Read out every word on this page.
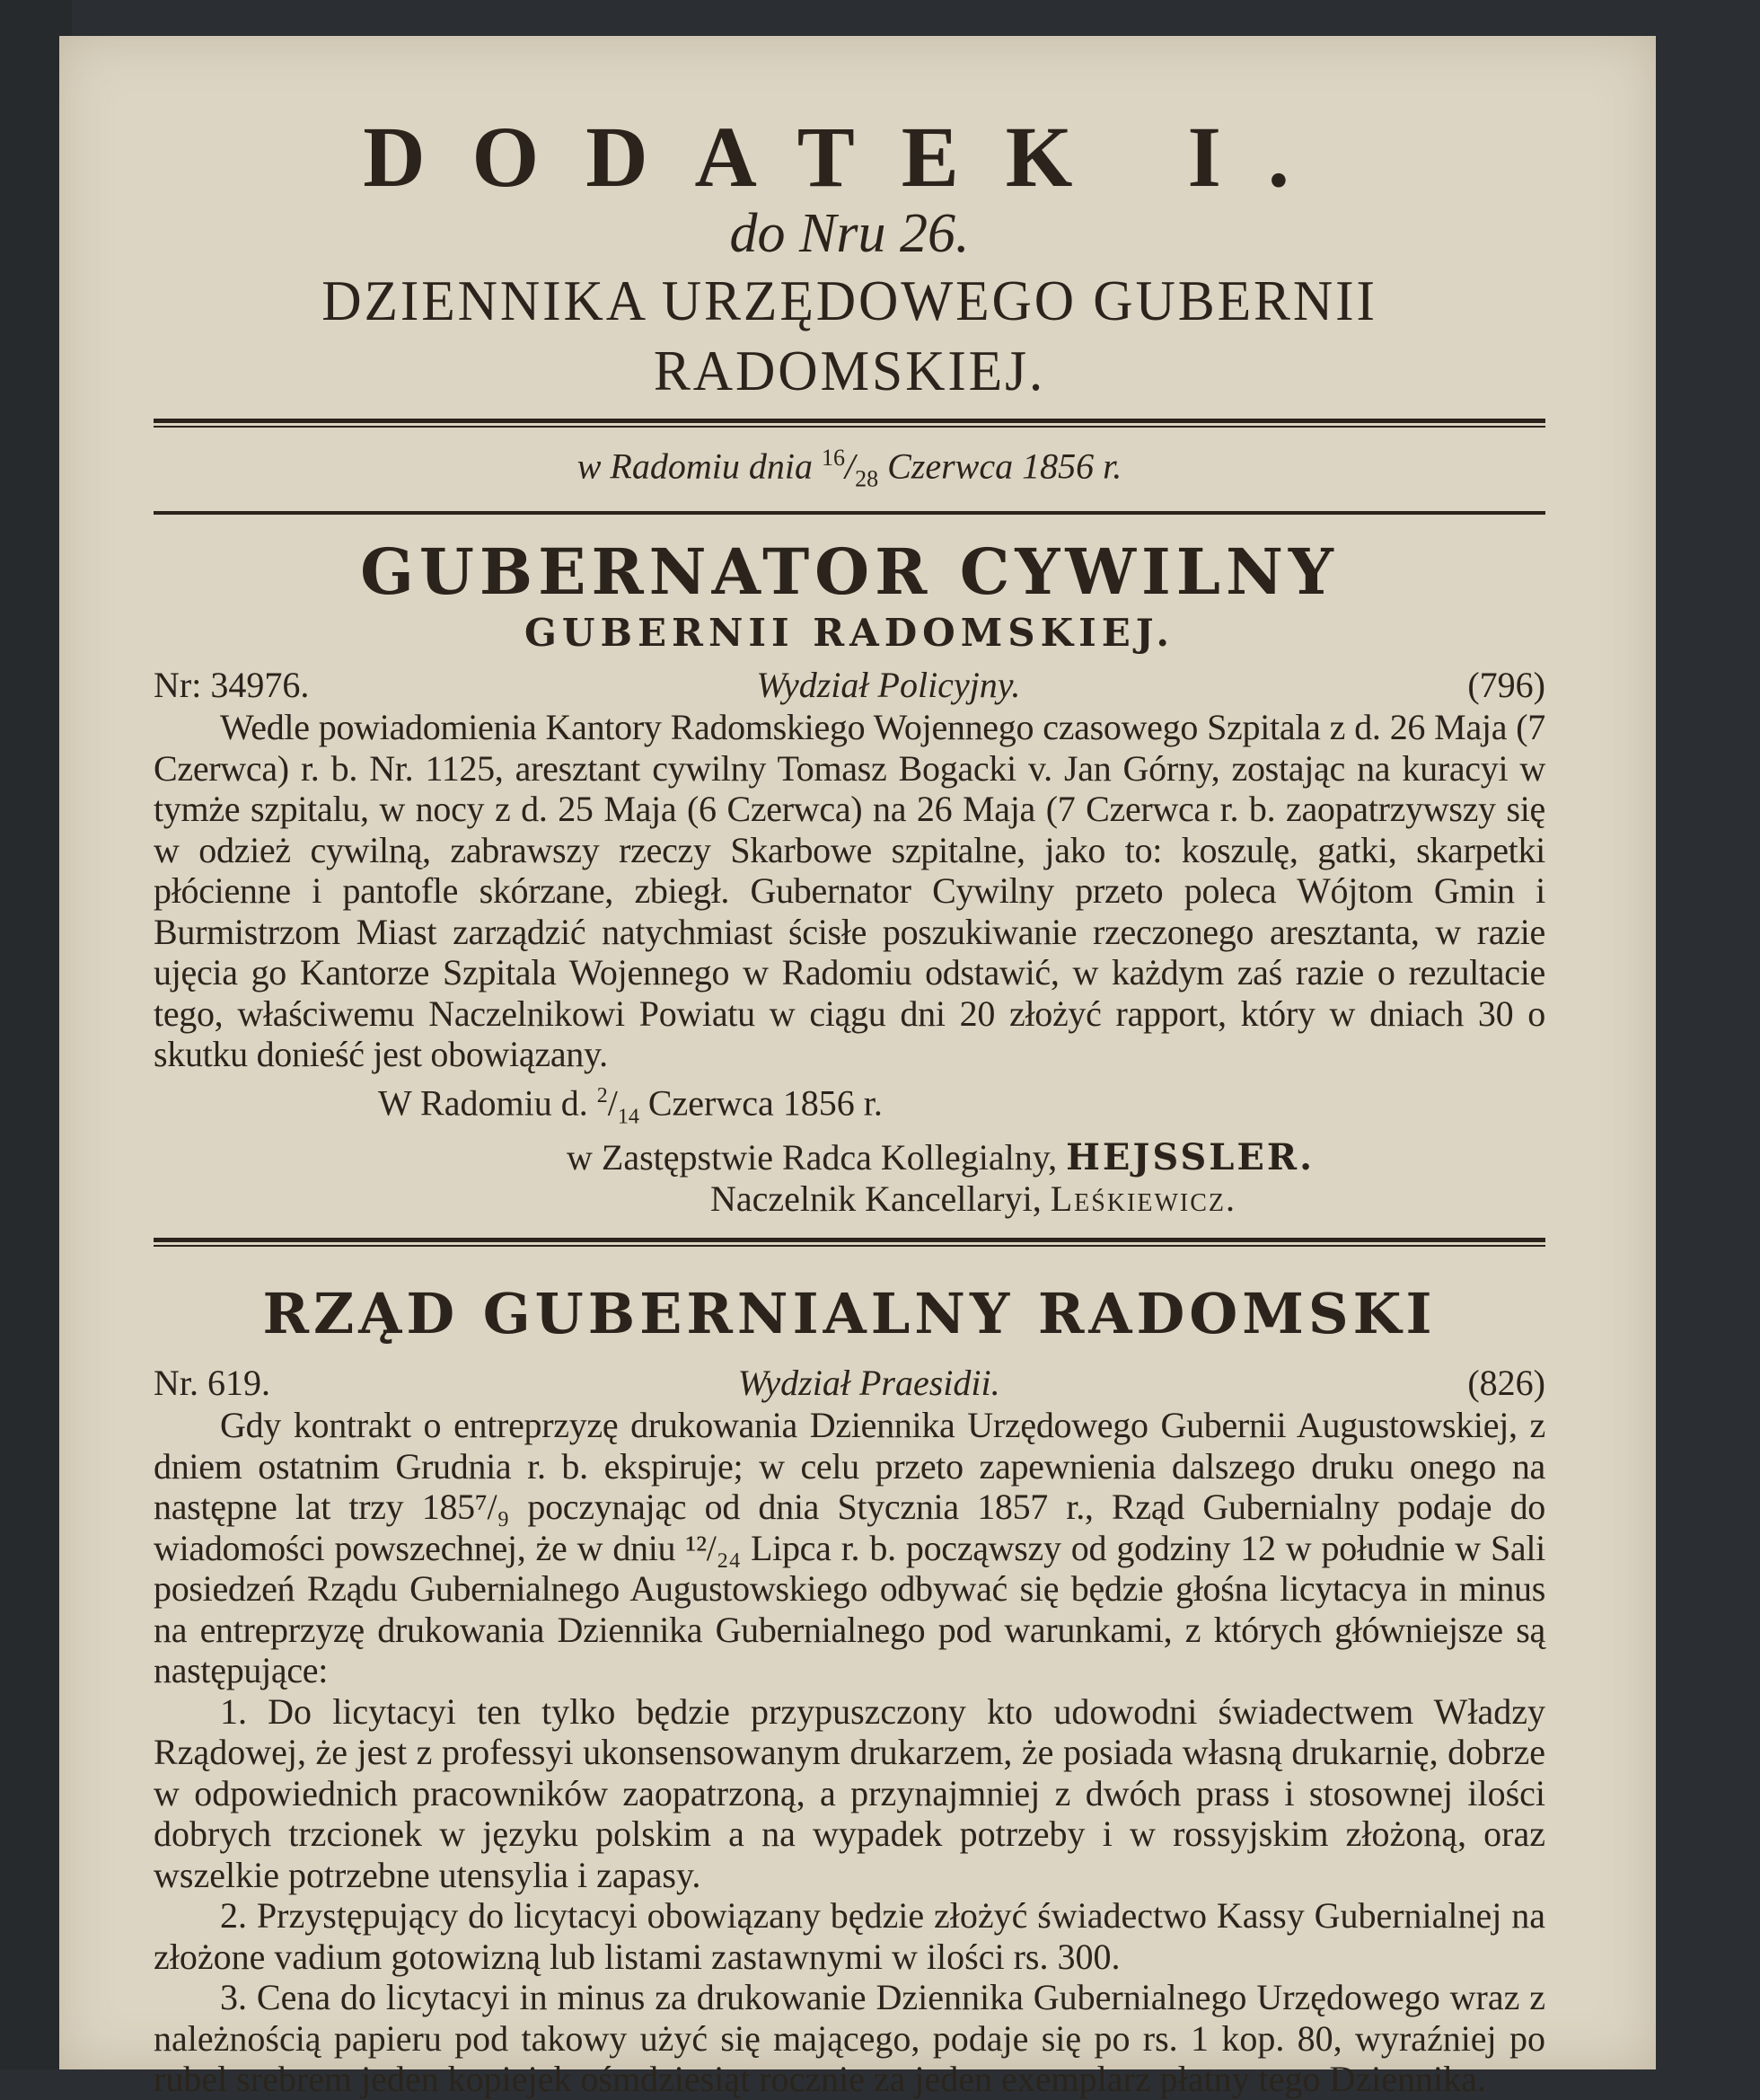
DODATEK I.
do Nru 26.
DZIENNIKA URZĘDOWEGO GUBERNII RADOMSKIEJ.
w Radomiu dnia $^{16}/_{28}$ Czerwca 1856 r.
GUBERNATOR CYWILNY
GUBERNII RADOMSKIEJ.
Nr: 34976.	Wydział Policyjny.	(796)

Wedle powiadomienia Kantory Radomskiego Wojennego czasowego Szpitala z d. 26 Maja (7 Czerwca) r. b. Nr. 1125, aresztant cywilny Tomasz Bogacki v. Jan Górny, zostając na kuracyi w tymże szpitalu, w nocy z d. 25 Maja (6 Czerwca) na 26 Maja (7 Czerwca r. b. zaopatrzywszy się w odzież cywilną, zabrawszy rzeczy Skarbowe szpitalne, jako to: koszulę, gatki, skarpetki płócienne i pantofle skórzane, zbiegł. Gubernator Cywilny przeto poleca Wójtom Gmin i Burmistrzom Miast zarządzić natychmiast ścisłe poszukiwanie rzeczonego aresztanta, w razie ujęcia go Kantorze Szpitala Wojennego w Radomiu odstawić, w każdym zaś razie o rezultacie tego, właściwemu Naczelnikowi Powiatu w ciągu dni 20 złożyć rapport, który w dniach 30 o skutku donieść jest obowiązany.

W Radomiu d. $^2/_{14}$ Czerwca 1856 r.
w Zastępstwie Radca Kollegialny, HEJSSLER.
Naczelnik Kancellaryi, Leśkiewicz.
RZĄD GUBERNIALNY RADOMSKI
Nr. 619.	Wydział Praesidii.	(826)

Gdy kontrakt o entreprzyzę drukowania Dziennika Urzędowego Gubernii Augustowskiej, z dniem ostatnim Grudnia r. b. ekspiruje; w celu przeto zapewnienia dalszego druku onego na następne lat trzy 185⁷/₉ poczynając od dnia Stycznia 1857 r., Rząd Gubernialny podaje do wiadomości powszechnej, że w dniu ¹²/₂₄ Lipca r. b. począwszy od godziny 12 w południe w Sali posiedzeń Rządu Gubernialnego Augustowskiego odbywać się będzie głośna licytacya in minus na entreprzyzę drukowania Dziennika Gubernialnego pod warunkami, z których główniejsze są następujące:

1. Do licytacyi ten tylko będzie przypuszczony kto udowodni świadectwem Władzy Rządowej, że jest z professyi ukonsensowanym drukarzem, że posiada własną drukarnię, dobrze w odpowiednich pracowników zaopatrzoną, a przynajmniej z dwóch prass i stosownej ilości dobrych trzcionek w języku polskim a na wypadek potrzeby i w rossyjskim złożoną, oraz wszelkie potrzebne utensylia i zapasy.

2. Przystępujący do licytacyi obowiązany będzie złożyć świadectwo Kassy Gubernialnej na złożone vadium gotowizną lub listami zastawnymi w ilości rs. 300.

3. Cena do licytacyi in minus za drukowanie Dziennika Gubernialnego Urzędowego wraz z należnością papieru pod takowy użyć się mającego, podaje się po rs. 1 kop. 80, wyraźniej po rubel srebrem jeden kopiejek ośmdziesiąt rocznie za jeden exemplarz płatny tego Dziennika.
